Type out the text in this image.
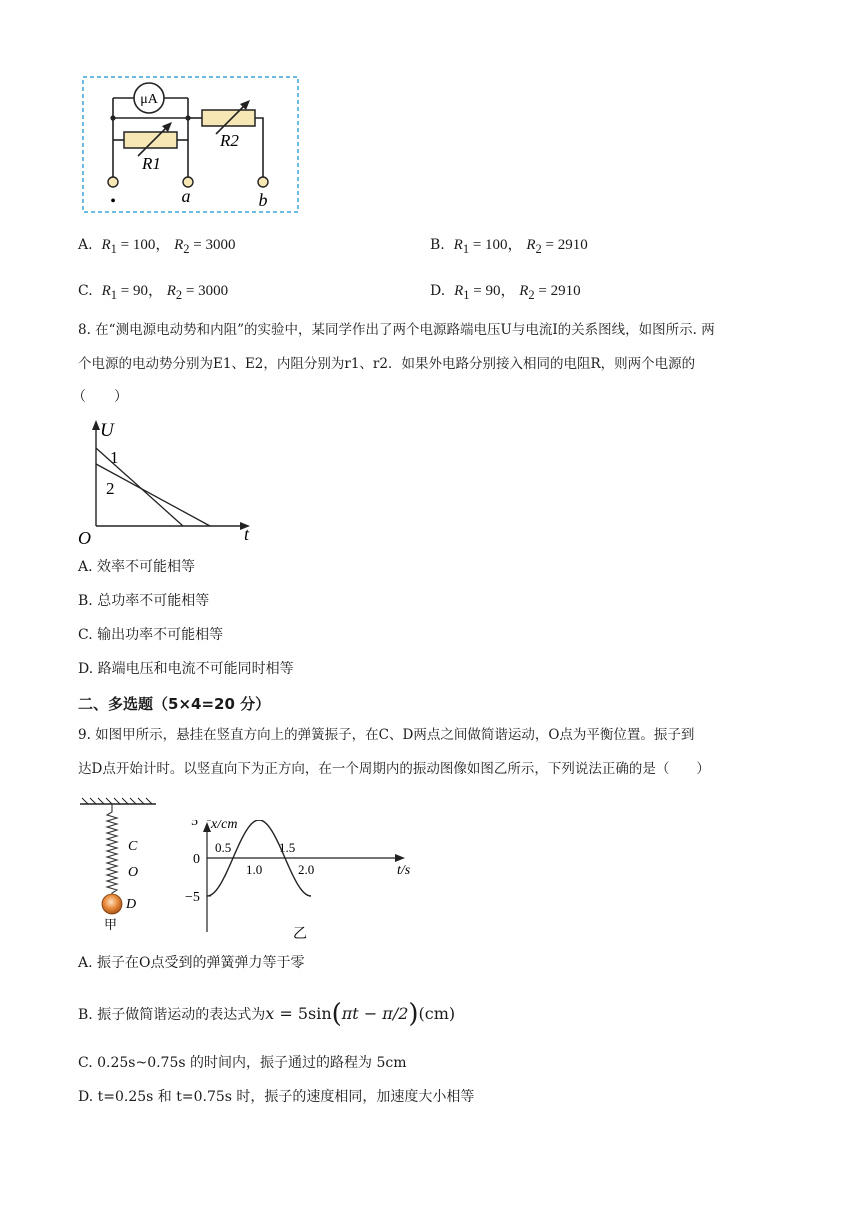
μA
R1
R2
•	a	b
A. $R_1 = 100$， $R_2 = 3000$	B. $R_1 = 100$， $R_2 = 2910$
C. $R_1 = 90$， $R_2 = 3000$	D. $R_1 = 90$， $R_2 = 2910$
8. 在“测电源电动势和内阻”的实验中，某同学作出了两个电源路端电压U与电流I的关系图线，如图所示. 两
个电源的电动势分别为E1、E2，内阻分别为r1、r2．如果外电路分别接入相同的电阻R，则两个电源的
（　　）
U
t
O
1
2
A. 效率不可能相等
B. 总功率不可能相等
C. 输出功率不可能相等
D. 路端电压和电流不可能同时相等
二、多选题（5×4=20 分）
9. 如图甲所示，悬挂在竖直方向上的弹簧振子，在C、D两点之间做简谐运动，O点为平衡位置。振子到
达D点开始计时。以竖直向下为正方向，在一个周期内的振动图像如图乙所示，下列说法正确的是（　　）
C
O
D
甲
x/cm
t/s
5
0
−5
0.5
1.0
1.5
2.0
乙
A. 振子在O点受到的弹簧弹力等于零
B. 振子做简谐运动的表达式为x = 5sin(πt − π/2)(cm)
C. 0.25s~0.75s 的时间内，振子通过的路程为 5cm
D. t=0.25s 和 t=0.75s 时，振子的速度相同，加速度大小相等
